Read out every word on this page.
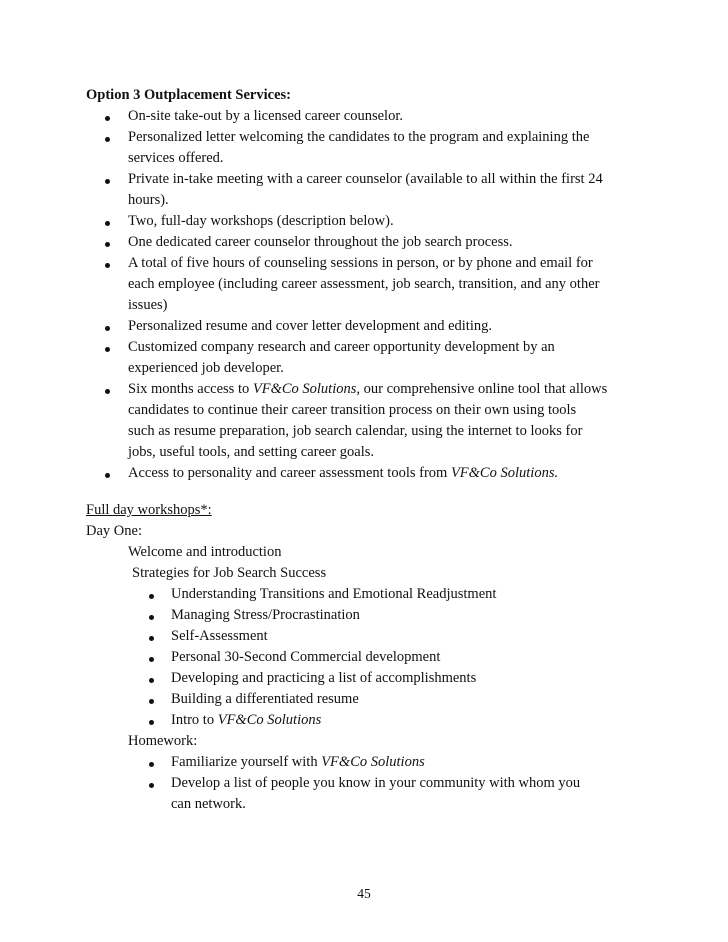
Option 3 Outplacement Services:
On-site take-out by a licensed career counselor.
Personalized letter welcoming the candidates to the program and explaining the
services offered.
Private in-take meeting with a career counselor (available to all within the first 24
hours).
Two, full-day workshops (description below).
One dedicated career counselor throughout the job search process.
A total of five hours of counseling sessions in person, or by phone and email for
each employee (including career assessment, job search, transition, and any other
issues)
Personalized resume and cover letter development and editing.
Customized company research and career opportunity development by an
experienced job developer.
Six months access to VF&Co Solutions, our comprehensive online tool that allows
candidates to continue their career transition process on their own using tools
such as resume preparation, job search calendar, using the internet to looks for
jobs, useful tools, and setting career goals.
Access to personality and career assessment tools from VF&Co Solutions.
Full day workshops*:
Day One:
Welcome and introduction
Strategies for Job Search Success
Understanding Transitions and Emotional Readjustment
Managing Stress/Procrastination
Self-Assessment
Personal 30-Second Commercial development
Developing and practicing a list of accomplishments
Building a differentiated resume
Intro to VF&Co Solutions
Homework:
Familiarize yourself with VF&Co Solutions
Develop a list of people you know in your community with whom you
can network.
45
